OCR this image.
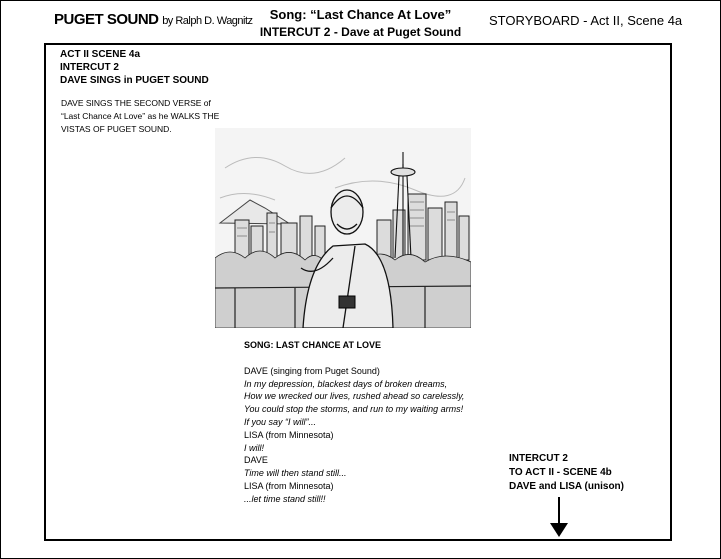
PUGET SOUND by Ralph D. Wagnitz	Song: “Last Chance At Love”
INTERCUT 2 - Dave at Puget Sound
STORYBOARD - Act II, Scene 4a
ACT II SCENE 4a
INTERCUT 2
DAVE SINGS in PUGET SOUND
DAVE SINGS THE SECOND VERSE of “Last Chance At Love” as he WALKS THE VISTAS OF PUGET SOUND.
SONG: LAST CHANCE AT LOVE
DAVE (singing from Puget Sound)
In my depression, blackest days of broken dreams,
How we wrecked our lives, rushed ahead so carelessly,
You could stop the storms, and run to my waiting arms!
If you say “I will”...
LISA (from Minnesota)
I will!
DAVE
Time will then stand still...
LISA (from Minnesota)
...let time stand still!!
INTERCUT 2
TO ACT II - SCENE 4b
DAVE and LISA (unison)
